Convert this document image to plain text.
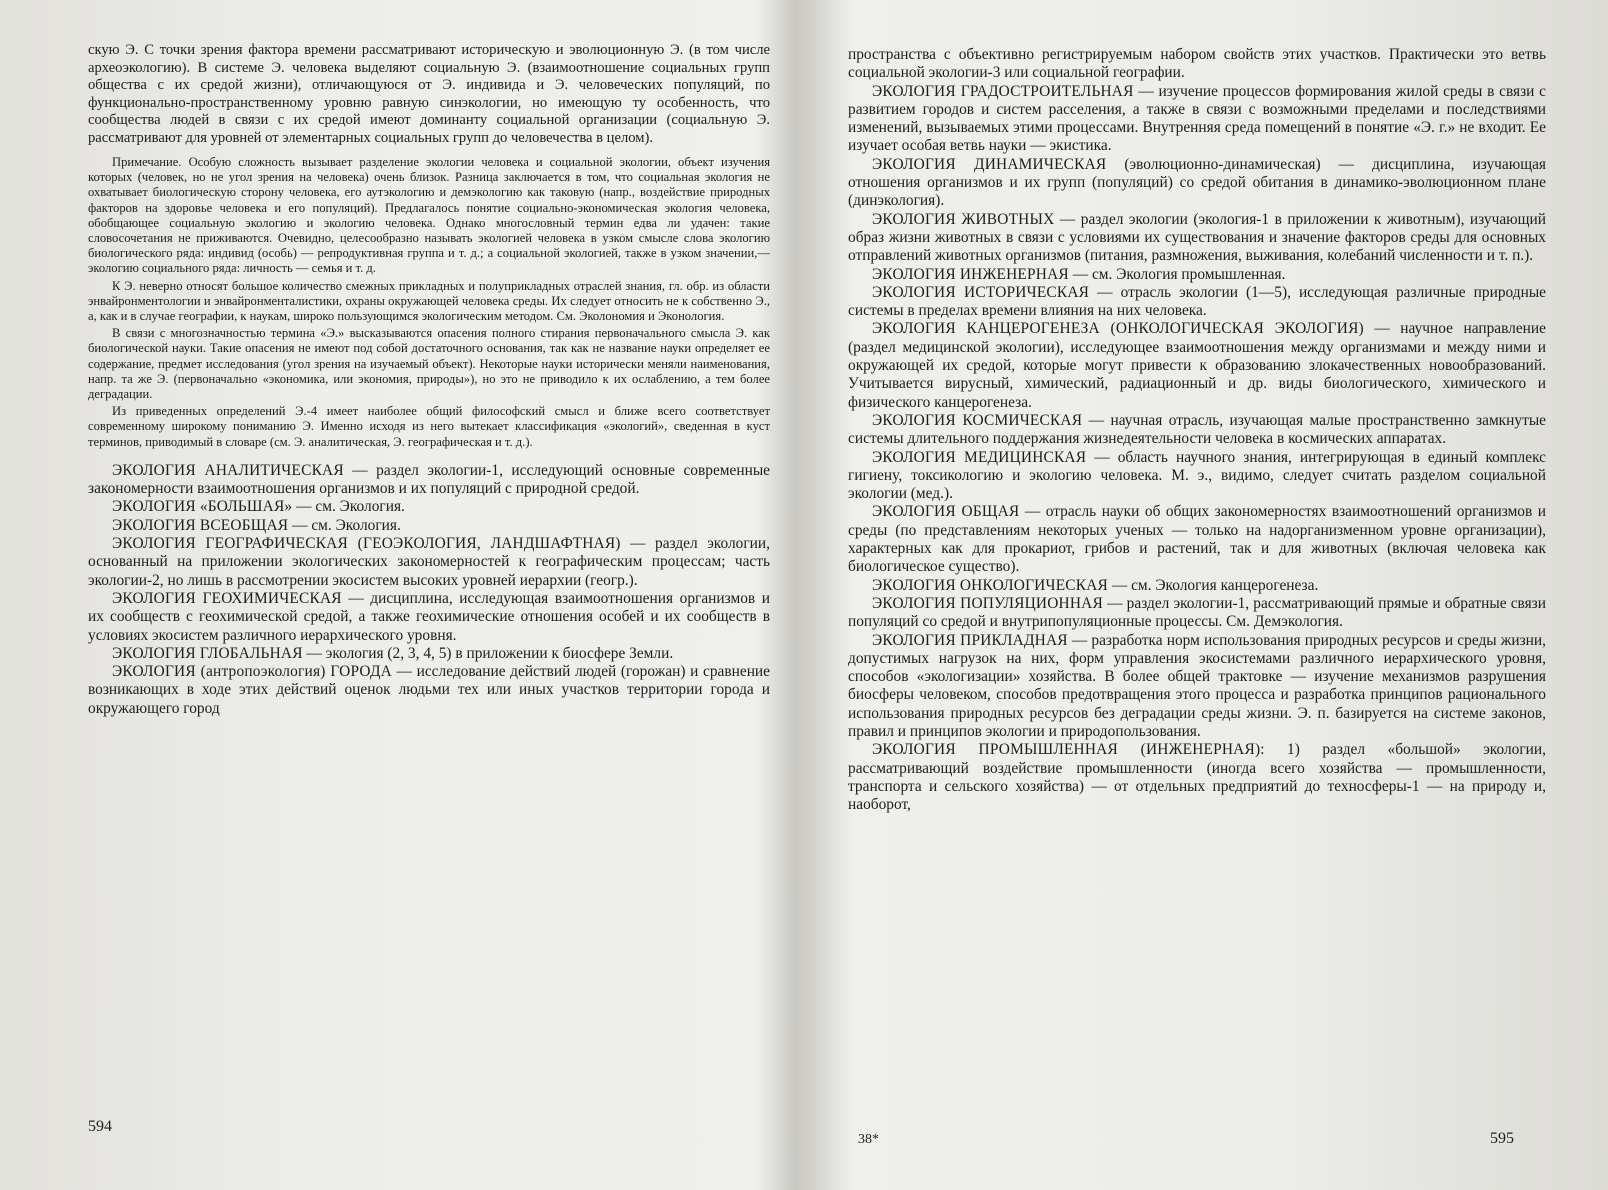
скую Э. С точки зрения фактора времени рассматривают историческую и эволюционную Э. (в том числе археоэкологию). В системе Э. человека выделяют социальную Э. (взаимоотношение социальных групп общества с их средой жизни), отличающуюся от Э. индивида и Э. человеческих популяций, по функционально-пространственному уровню равную синэкологии, но имеющую ту особенность, что сообщества людей в связи с их средой имеют доминанту социальной организации (социальную Э. рассматривают для уровней от элементарных социальных групп до человечества в целом).

Примечание. Особую сложность вызывает разделение экологии человека и социальной экологии, объект изучения которых (человек, но не угол зрения на человека) очень близок. Разница заключается в том, что социальная экология не охватывает биологическую сторону человека, его аутэкологию и демэкологию как таковую (напр., воздействие природных факторов на здоровье человека и его популяций). Предлагалось понятие социально-экономическая экология человека, обобщающее социальную экологию и экологию человека. Однако многословный термин едва ли удачен: такие словосочетания не приживаются. Очевидно, целесообразно называть экологией человека в узком смысле слова экологию биологического ряда: индивид (особь) — репродуктивная группа и т. д.; а социальной экологией, также в узком значении,— экологию социального ряда: личность — семья и т. д.

К Э. неверно относят большое количество смежных прикладных и полуприкладных отраслей знания, гл. обр. из области энвайронментологии и энвайронменталистики, охраны окружающей человека среды. Их следует относить не к собственно Э., а, как и в случае географии, к наукам, широко пользующимся экологическим методом. См. Эколономия и Эконология.

В связи с многозначностью термина «Э.» высказываются опасения полного стирания первоначального смысла Э. как биологической науки. Такие опасения не имеют под собой достаточного основания, так как не название науки определяет ее содержание, предмет исследования (угол зрения на изучаемый объект). Некоторые науки исторически меняли наименования, напр. та же Э. (первоначально «экономика, или экономия, природы»), но это не приводило к их ослаблению, а тем более деградации.

Из приведенных определений Э.-4 имеет наиболее общий философский смысл и ближе всего соответствует современному широкому пониманию Э. Именно исходя из него вытекает классификация «экологий», сведенная в куст терминов, приводимый в словаре (см. Э. аналитическая, Э. географическая и т. д.).

ЭКОЛОГИЯ АНАЛИТИЧЕСКАЯ — раздел экологии-1, исследующий основные современные закономерности взаимоотношения организмов и их популяций с природной средой.

ЭКОЛОГИЯ «БОЛЬШАЯ» — см. Экология.

ЭКОЛОГИЯ ВСЕОБЩАЯ — см. Экология.

ЭКОЛОГИЯ ГЕОГРАФИЧЕСКАЯ (ГЕОЭКОЛОГИЯ, ЛАНДШАФТНАЯ) — раздел экологии, основанный на приложении экологических закономерностей к географическим процессам; часть экологии-2, но лишь в рассмотрении экосистем высоких уровней иерархии (геогр.).

ЭКОЛОГИЯ ГЕОХИМИЧЕСКАЯ — дисциплина, исследующая взаимоотношения организмов и их сообществ с геохимической средой, а также геохимические отношения особей и их сообществ в условиях экосистем различного иерархического уровня.

ЭКОЛОГИЯ ГЛОБАЛЬНАЯ — экология (2, 3, 4, 5) в приложении к биосфере Земли.

ЭКОЛОГИЯ (антропоэкология) ГОРОДА — исследование действий людей (горожан) и сравнение возникающих в ходе этих действий оценок людьми тех или иных участков территории города и окружающего город

594

пространства с объективно регистрируемым набором свойств этих участков. Практически это ветвь социальной экологии-3 или социальной географии.

ЭКОЛОГИЯ ГРАДОСТРОИТЕЛЬНАЯ — изучение процессов формирования жилой среды в связи с развитием городов и систем расселения, а также в связи с возможными пределами и последствиями изменений, вызываемых этими процессами. Внутренняя среда помещений в понятие «Э. г.» не входит. Ее изучает особая ветвь науки — экистика.

ЭКОЛОГИЯ ДИНАМИЧЕСКАЯ (эволюционно-динамическая) — дисциплина, изучающая отношения организмов и их групп (популяций) со средой обитания в динамико-эволюционном плане (динэкология).

ЭКОЛОГИЯ ЖИВОТНЫХ — раздел экологии (экология-1 в приложении к животным), изучающий образ жизни животных в связи с условиями их существования и значение факторов среды для основных отправлений животных организмов (питания, размножения, выживания, колебаний численности и т. п.).

ЭКОЛОГИЯ ИНЖЕНЕРНАЯ — см. Экология промышленная.

ЭКОЛОГИЯ ИСТОРИЧЕСКАЯ — отрасль экологии (1—5), исследующая различные природные системы в пределах времени влияния на них человека.

ЭКОЛОГИЯ КАНЦЕРОГЕНЕЗА (ОНКОЛОГИЧЕСКАЯ ЭКОЛОГИЯ) — научное направление (раздел медицинской экологии), исследующее взаимоотношения между организмами и между ними и окружающей их средой, которые могут привести к образованию злокачественных новообразований. Учитывается вирусный, химический, радиационный и др. виды биологического, химического и физического канцерогенеза.

ЭКОЛОГИЯ КОСМИЧЕСКАЯ — научная отрасль, изучающая малые пространственно замкнутые системы длительного поддержания жизнедеятельности человека в космических аппаратах.

ЭКОЛОГИЯ МЕДИЦИНСКАЯ — область научного знания, интегрирующая в единый комплекс гигиену, токсикологию и экологию человека. М. э., видимо, следует считать разделом социальной экологии (мед.).

ЭКОЛОГИЯ ОБЩАЯ — отрасль науки об общих закономерностях взаимоотношений организмов и среды (по представлениям некоторых ученых — только на надорганизменном уровне организации), характерных как для прокариот, грибов и растений, так и для животных (включая человека как биологическое существо).

ЭКОЛОГИЯ ОНКОЛОГИЧЕСКАЯ — см. Экология канцерогенеза.

ЭКОЛОГИЯ ПОПУЛЯЦИОННАЯ — раздел экологии-1, рассматривающий прямые и обратные связи популяций со средой и внутрипопуляционные процессы. См. Демэкология.

ЭКОЛОГИЯ ПРИКЛАДНАЯ — разработка норм использования природных ресурсов и среды жизни, допустимых нагрузок на них, форм управления экосистемами различного иерархического уровня, способов «экологизации» хозяйства. В более общей трактовке — изучение механизмов разрушения биосферы человеком, способов предотвращения этого процесса и разработка принципов рационального использования природных ресурсов без деградации среды жизни. Э. п. базируется на системе законов, правил и принципов экологии и природопользования.

ЭКОЛОГИЯ ПРОМЫШЛЕННАЯ (ИНЖЕНЕРНАЯ): 1) раздел «большой» экологии, рассматривающий воздействие промышленности (иногда всего хозяйства — промышленности, транспорта и сельского хозяйства) — от отдельных предприятий до техносферы-1 — на природу и, наоборот,

38*	595
